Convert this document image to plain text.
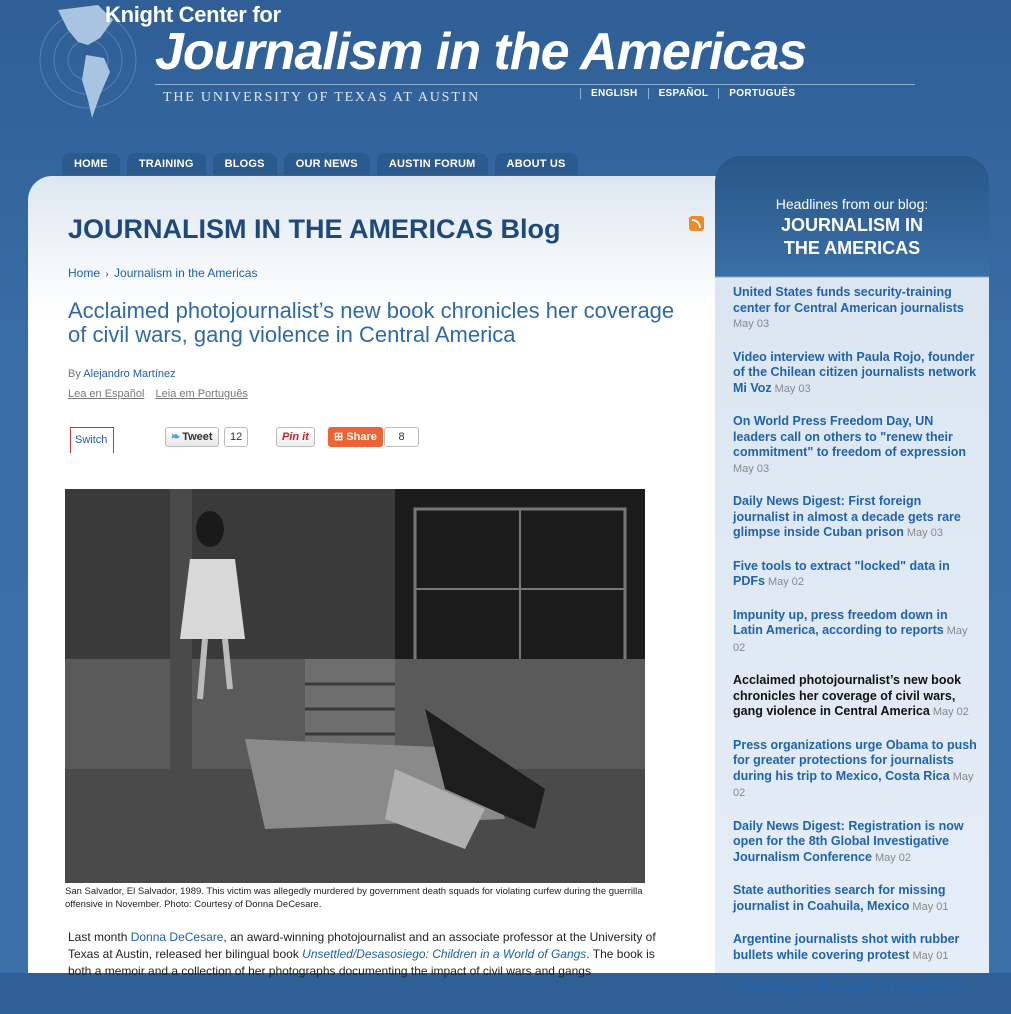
Knight Center for
Journalism in the Americas
THE UNIVERSITY OF TEXAS AT AUSTIN	ENGLISH	ESPAÑOL	PORTUGUÊS
HOME	TRAINING	BLOGS	OUR NEWS	AUSTIN FORUM	ABOUT US
JOURNALISM IN THE AMERICAS Blog
Home › Journalism in the Americas
Acclaimed photojournalist’s new book chronicles her coverage of civil wars, gang violence in Central America
By Alejandro Martínez
Lea en Español Leia em Português
Switch	❧ Tweet	12	Pin it	⊞ Share	8
San Salvador, El Salvador, 1989. This victim was allegedly murdered by government death squads for violating curfew during the guerrilla offensive in November. Photo: Courtesy of Donna DeCesare.
Last month Donna DeCesare, an award-winning photojournalist and an associate professor at the University of Texas at Austin, released her bilingual book Unsettled/Desasosiego: Children in a World of Gangs. The book is both a memoir and a collection of her photographs documenting the impact of civil wars and gangs
Headlines from our blog:
JOURNALISM IN THE AMERICAS
United States funds security-training center for Central American journalists
May 03
Video interview with Paula Rojo, founder of the Chilean citizen journalists network Mi Voz May 03
On World Press Freedom Day, UN leaders call on others to "renew their commitment" to freedom of expression
May 03
Daily News Digest: First foreign journalist in almost a decade gets rare glimpse inside Cuban prison May 03
Five tools to extract "locked" data in PDFs May 02
Impunity up, press freedom down in Latin America, according to reports May 02
Acclaimed photojournalist’s new book chronicles her coverage of civil wars, gang violence in Central America May 02
Press organizations urge Obama to push for greater protections for journalists during his trip to Mexico, Costa Rica May 02
Daily News Digest: Registration is now open for the 8th Global Investigative Journalism Conference May 02
State authorities search for missing journalist in Coahuila, Mexico May 01
Argentine journalists shot with rubber bullets while covering protest May 01
“The killing is the result of a country in
